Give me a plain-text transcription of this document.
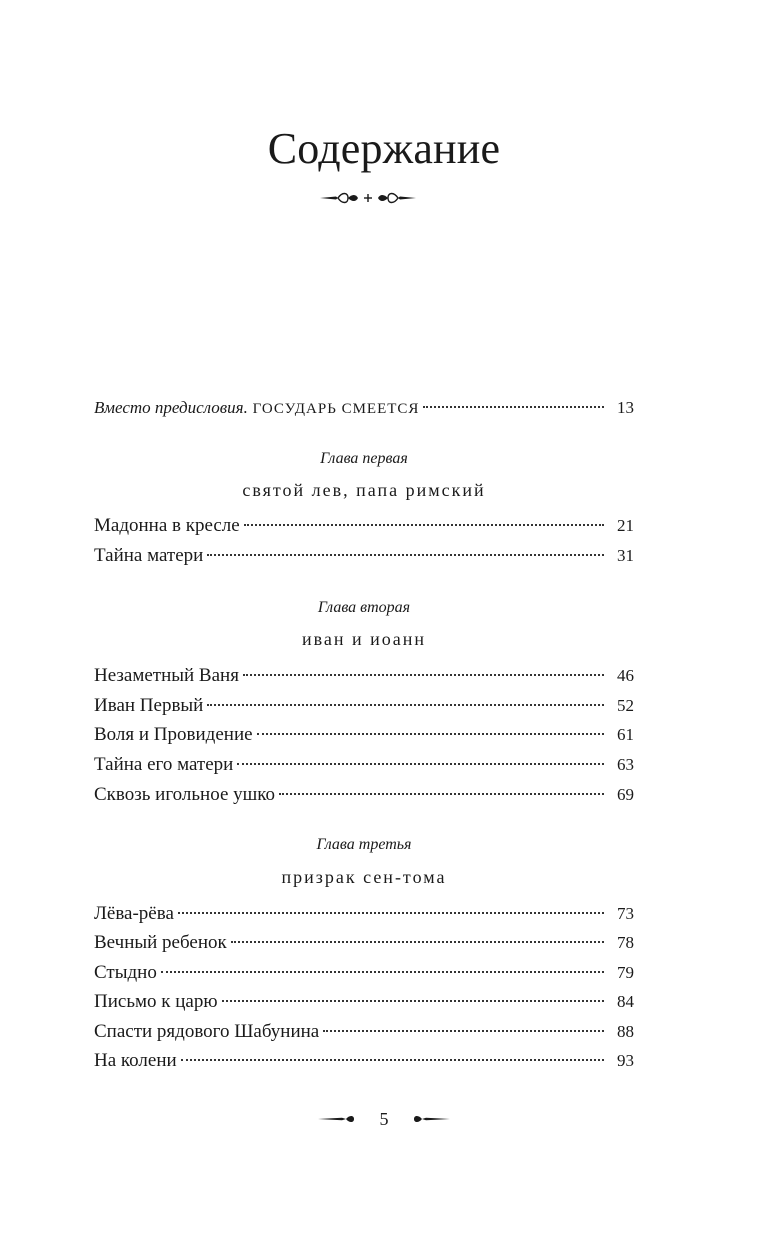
Содержание
Вместо предисловия. ГОСУДАРЬ СМЕЕТСЯ	13
Глава первая
святой лев, папа римский
Мадонна в кресле	21
Тайна матери	31
Глава вторая
иван и иоанн
Незаметный Ваня	46
Иван Первый	52
Воля и Провидение	61
Тайна его матери	63
Сквозь игольное ушко	69
Глава третья
призрак сен-тома
Лёва-рёва	73
Вечный ребенок	78
Стыдно	79
Письмо к царю	84
Спасти рядового Шабунина	88
На колени	93
5
